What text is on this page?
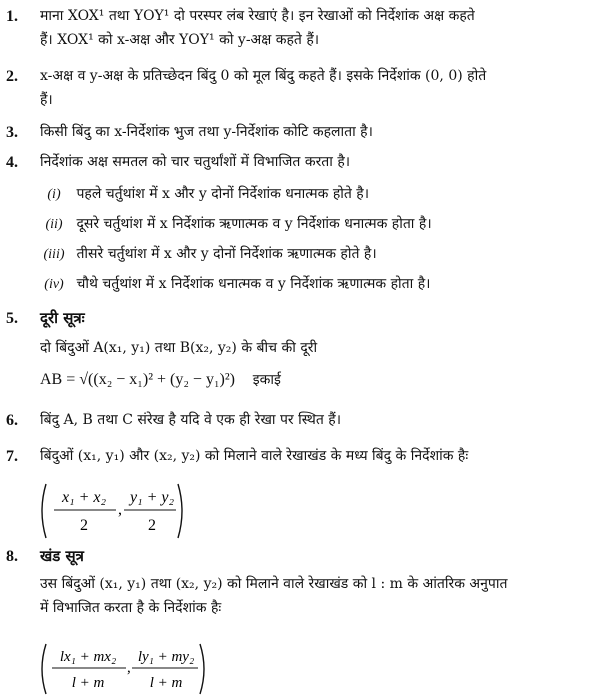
1. माना XOX¹ तथा YOY¹ दो परस्पर लंब रेखाएं है। इन रेखाओं को निर्देशांक अक्ष कहते
हैं। XOX¹ को x-अक्ष और YOY¹ को y-अक्ष कहते हैं।
2. x-अक्ष व y-अक्ष के प्रतिच्छेदन बिंदु 0 को मूल बिंदु कहते हैं। इसके निर्देशांक (0, 0) होते
हैं।
3. किसी बिंदु का x-निर्देशांक भुज तथा y-निर्देशांक कोटि कहलाता है।
4. निर्देशांक अक्ष समतल को चार चतुर्थांशों में विभाजित करता है।
(i) पहले चर्तुथांश में x और y दोनों निर्देशांक धनात्मक होते है।
(ii) दूसरे चर्तुथांश में x निर्देशांक ऋणात्मक व y निर्देशांक धनात्मक होता है।
(iii) तीसरे चर्तुथांश में x और y दोनों निर्देशांक ऋणात्मक होते है।
(iv) चौथे चर्तुथांश में x निर्देशांक धनात्मक व y निर्देशांक ऋणात्मक होता है।
5. दूरी सूत्रः
दो बिंदुओं A(x₁, y₁) तथा B(x₂, y₂) के बीच की दूरी
AB = √((x₂ − x₁)² + (y₂ − y₁)²) इकाई
6. बिंदु A, B तथा C संरेख है यदि वे एक ही रेखा पर स्थित हैं।
7. बिंदुओं (x₁, y₁) और (x₂, y₂) को मिलाने वाले रेखाखंड के मध्य बिंदु के निर्देशांक हैः
x₁ + x₂
2
,
y₁ + y₂
2
8. खंड सूत्र
उस बिंदुओं (x₁, y₁) तथा (x₂, y₂) को मिलाने वाले रेखाखंड को l : m के आंतरिक अनुपात
में विभाजित करता है के निर्देशांक हैः
lx₁ + mx₂
l + m
,
ly₁ + my₂
l + m
